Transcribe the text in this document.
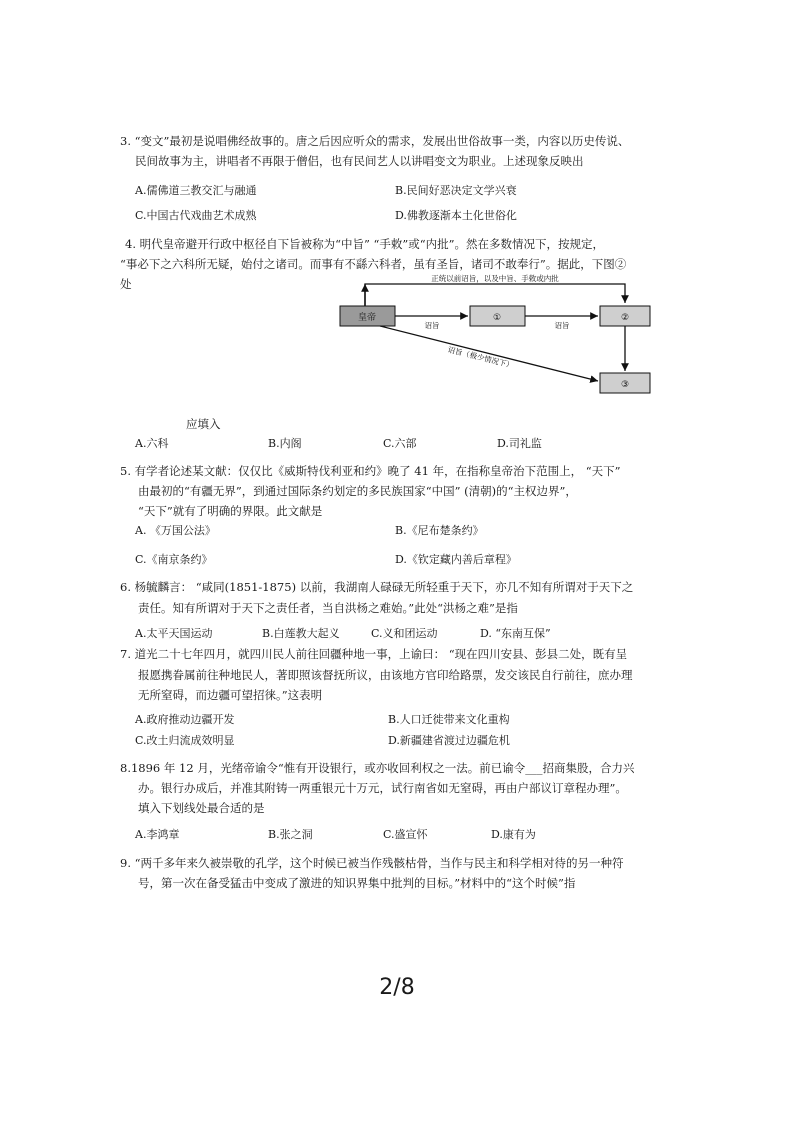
3. “变文”最初是说唱佛经故事的。唐之后因应听众的需求，发展出世俗故事一类，内容以历史传说、
民间故事为主，讲唱者不再限于僧侣，也有民间艺人以讲唱变文为职业。上述现象反映出
A.儒佛道三教交汇与融通	B.民间好恶决定文学兴衰
C.中国古代戏曲艺术成熟	D.佛教逐渐本土化世俗化
4. 明代皇帝避开行政中枢径自下旨被称为“中旨” “手敕”或“内批”。然在多数情况下，按规定，
“事必下之六科所无疑，始付之诸司。而事有不繇六科者，虽有圣旨，诸司不敢奉行”。据此，下图②
处	正统以前诏旨，以及中旨、手敕或内批
皇帝	①	②
③
诏旨	诏旨
诏旨（极少情况下）
应填入
A.六科	B.内阁	C.六部	D.司礼监
5. 有学者论述某文献：仅仅比《威斯特伐利亚和约》晚了 41 年，在指称皇帝治下范围上， “天下”
由最初的“有疆无界”，到通过国际条约划定的多民族国家“中国” (清朝)的“主权边界”，
“天下”就有了明确的界限。此文献是
A. 《万国公法》	B.《尼布楚条约》
C.《南京条约》	D.《钦定藏内善后章程》
6. 杨毓麟言： “咸同(1851-1875) 以前，我湖南人碌碌无所轻重于天下，亦几不知有所谓对于天下之
责任。知有所谓对于天下之责任者，当自洪杨之难始。”此处“洪杨之难”是指
A.太平天国运动	B.白莲教大起义	C.义和团运动	D. “东南互保”
7. 道光二十七年四月，就四川民人前往回疆种地一事，上谕曰： “现在四川安县、彭县二处，既有呈
报愿携眷属前往种地民人，著即照该督抚所议，由该地方官印给路票，发交该民自行前往，庶办理
无所窒碍，而边疆可望招徕。”这表明
A.政府推动边疆开发	B.人口迁徙带来文化重构
C.改土归流成效明显	D.新疆建省渡过边疆危机
8.1896 年 12 月，光绪帝谕令“惟有开设银行，或亦收回利权之一法。前已谕令___招商集股，合力兴
办。银行办成后，并准其附铸一两重银元十万元，试行南省如无窒碍，再由户部议订章程办理”。
填入下划线处最合适的是
A.李鸿章	B.张之洞	C.盛宣怀	D.康有为
9. “两千多年来久被崇敬的孔学，这个时候已被当作残骸枯骨，当作与民主和科学相对待的另一种符
号，第一次在备受猛击中变成了激进的知识界集中批判的目标。”材料中的“这个时候”指
2/8
